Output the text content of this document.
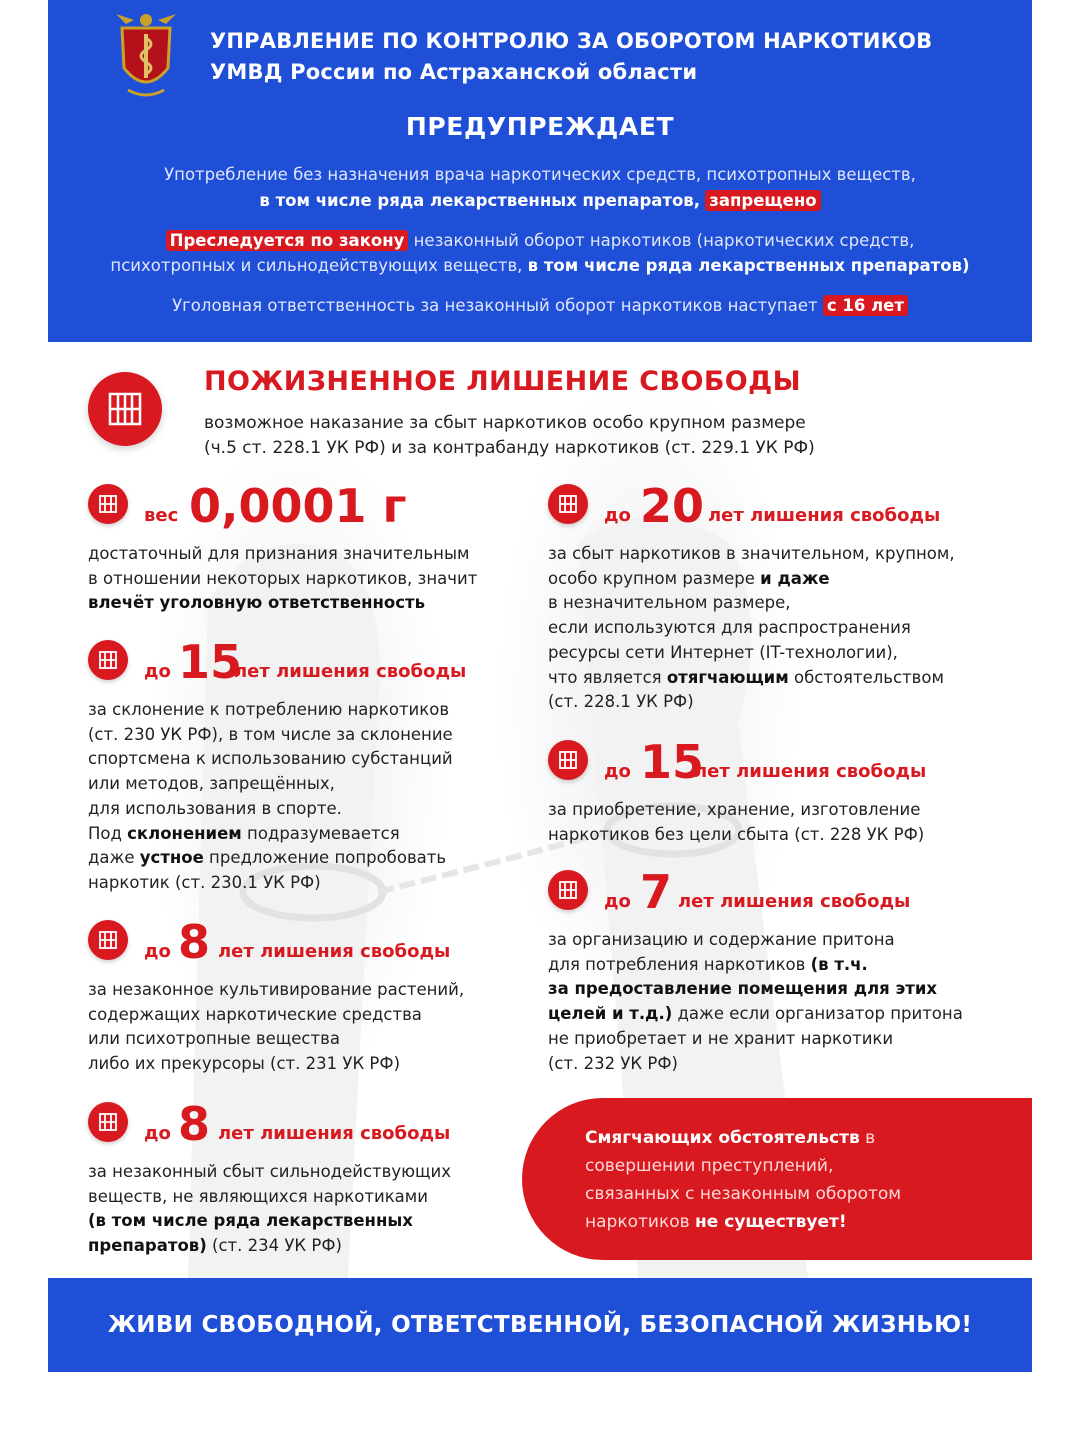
УПРАВЛЕНИЕ ПО КОНТРОЛЮ ЗА ОБОРОТОМ НАРКОТИКОВ
УМВД России по Астраханской области
ПРЕДУПРЕЖДАЕТ
Употребление без назначения врача наркотических средств, психотропных веществ,
в том числе ряда лекарственных препаратов, запрещено
Преследуется по закону незаконный оборот наркотиков (наркотических средств,
психотропных и сильнодействующих веществ, в том числе ряда лекарственных препаратов)
Уголовная ответственность за незаконный оборот наркотиков наступает с 16 лет
ПОЖИЗНЕННОЕ ЛИШЕНИЕ СВОБОДЫ
возможное наказание за сбыт наркотиков особо крупном размере
(ч.5 ст. 228.1 УК РФ) и за контрабанду наркотиков (ст. 229.1 УК РФ)
вес 0,0001 г
достаточный для признания значительным
в отношении некоторых наркотиков, значит
влечёт уголовную ответственность
до 15
лет лишения свободы
за склонение к потреблению наркотиков
(ст. 230 УК РФ), в том числе за склонение
спортсмена к использованию субстанций
или методов, запрещённых,
для использования в спорте.
Под склонением подразумевается
даже устное предложение попробовать
наркотик (ст. 230.1 УК РФ)
до 8 лет лишения свободы
за незаконное культивирование растений,
содержащих наркотические средства
или психотропные вещества
либо их прекурсоры (ст. 231 УК РФ)
до 8 лет лишения свободы
за незаконный сбыт сильнодействующих
веществ, не являющихся наркотиками
(в том числе ряда лекарственных
препаратов) (ст. 234 УК РФ)
до 20 лет лишения свободы
за сбыт наркотиков в значительном, крупном,
особо крупном размере и даже
в незначительном размере,
если используются для распространения
ресурсы сети Интернет (IT-технологии),
что является отягчающим обстоятельством
(ст. 228.1 УК РФ)
до 15
лет лишения свободы
за приобретение, хранение, изготовление
наркотиков без цели сбыта (ст. 228 УК РФ)
до 7 лет лишения свободы
за организацию и содержание притона
для потребления наркотиков (в т.ч.
за предоставление помещения для этих
целей и т.д.) даже если организатор притона
не приобретает и не хранит наркотики
(ст. 232 УК РФ)
Смягчающих обстоятельств в
совершении преступлений,
связанных с незаконным оборотом
наркотиков не существует!
ЖИВИ СВОБОДНОЙ, ОТВЕТСТВЕННОЙ, БЕЗОПАСНОЙ ЖИЗНЬЮ!
